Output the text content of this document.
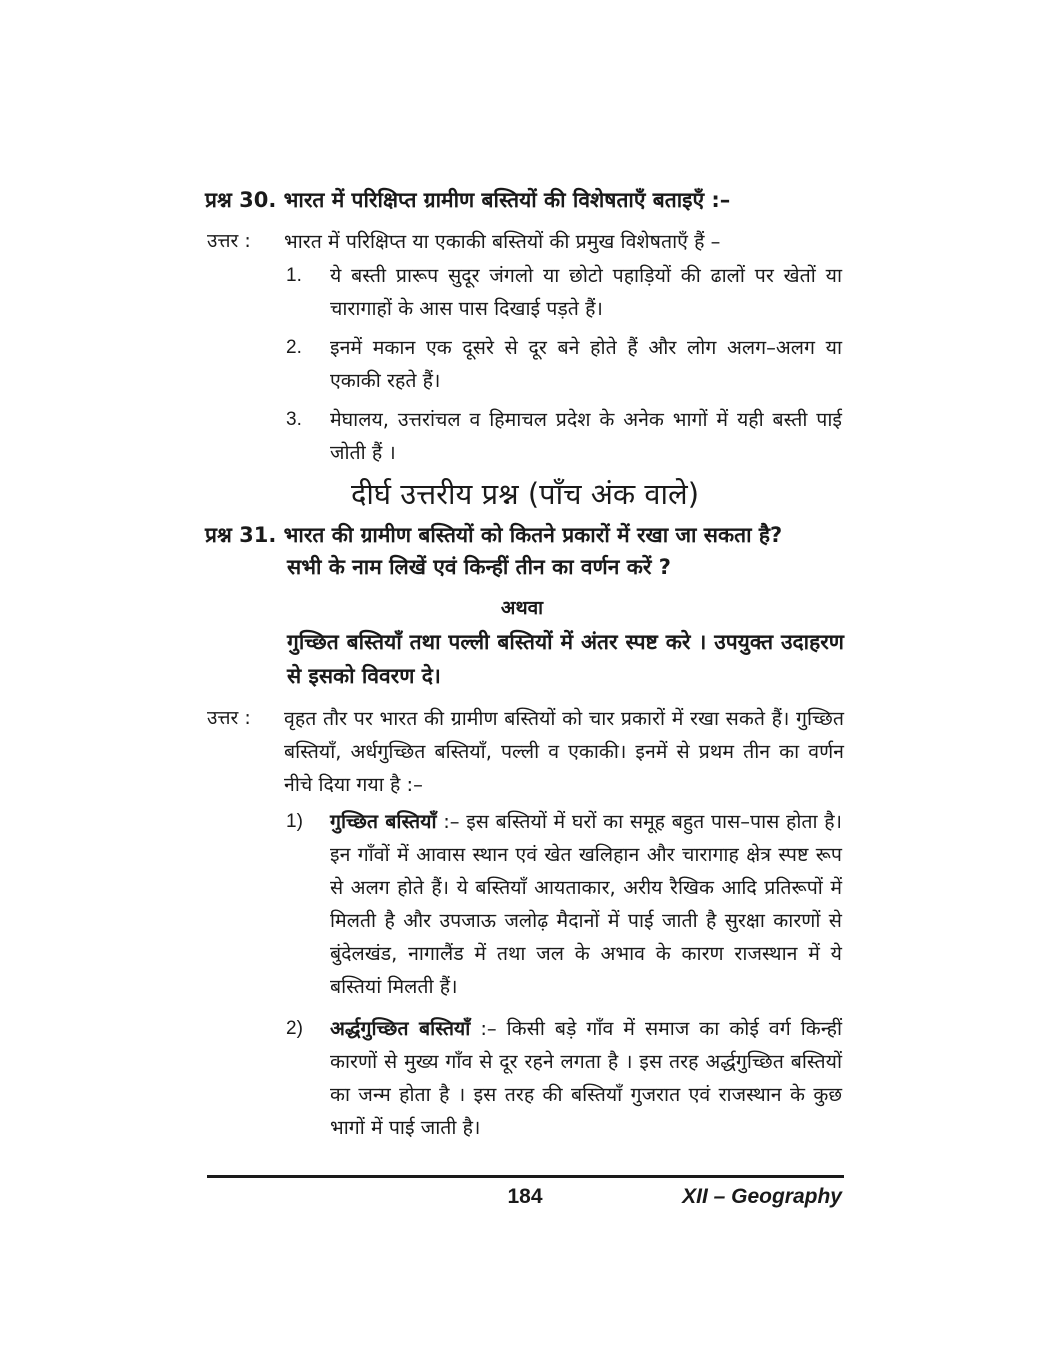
प्रश्न 30. भारत में परिक्षिप्त ग्रामीण बस्तियों की विशेषताएँ बताइएँ :–
उत्तर : भारत में परिक्षिप्त या एकाकी बस्तियों की प्रमुख विशेषताएँ हैं –
1. ये बस्ती प्रारूप सुदूर जंगलो या छोटो पहाड़ियों की ढालों पर खेतों या चारागाहों के आस पास दिखाई पड़ते हैं।
2. इनमें मकान एक दूसरे से दूर बने होते हैं और लोग अलग–अलग या एकाकी रहते हैं।
3. मेघालय, उत्तरांचल व हिमाचल प्रदेश के अनेक भागों में यही बस्ती पाई जोती हैं ।
दीर्घ उत्तरीय प्रश्न (पाँच अंक वाले)
प्रश्न 31. भारत की ग्रामीण बस्तियों को कितने प्रकारों में रखा जा सकता है?
सभी के नाम लिखें एवं किन्हीं तीन का वर्णन करें ?
अथवा
गुच्छित बस्तियाँ तथा पल्ली बस्तियों में अंतर स्पष्ट करे । उपयुक्त उदाहरण से इसको विवरण दे।
उत्तर : वृहत तौर पर भारत की ग्रामीण बस्तियों को चार प्रकारों में रखा सकते हैं। गुच्छित बस्तियाँ, अर्धगुच्छित बस्तियाँ, पल्ली व एकाकी। इनमें से प्रथम तीन का वर्णन नीचे दिया गया है :–
1) गुच्छित बस्तियाँ :– इस बस्तियों में घरों का समूह बहुत पास–पास होता है। इन गाँवों में आवास स्थान एवं खेत खलिहान और चारागाह क्षेत्र स्पष्ट रूप से अलग होते हैं। ये बस्तियाँ आयताकार, अरीय रैखिक आदि प्रतिरूपों में मिलती है और उपजाऊ जलोढ़ मैदानों में पाई जाती है सुरक्षा कारणों से बुंदेलखंड, नागालैंड में तथा जल के अभाव के कारण राजस्थान में ये बस्तियां मिलती हैं।
2) अर्द्धगुच्छित बस्तियाँ :– किसी बड़े गाँव में समाज का कोई वर्ग किन्हीं कारणों से मुख्य गाँव से दूर रहने लगता है । इस तरह अर्द्धगुच्छित बस्तियों का जन्म होता है । इस तरह की बस्तियाँ गुजरात एवं राजस्थान के कुछ भागों में पाई जाती है।
184	XII – Geography
